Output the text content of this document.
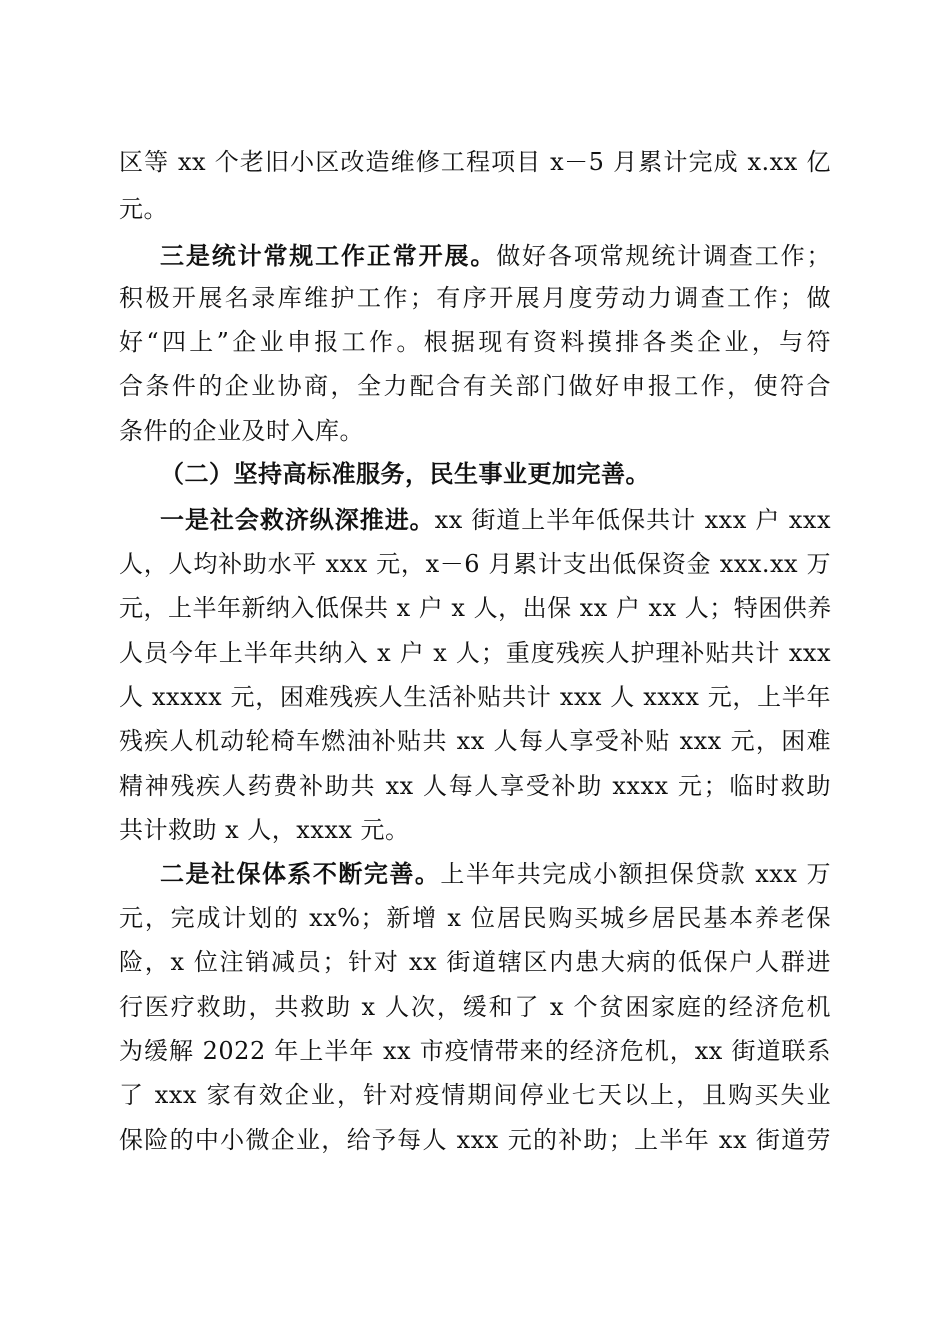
区等 xx 个老旧小区改造维修工程项目 x－5 月累计完成 x.xx 亿
元。
三是统计常规工作正常开展。做好各项常规统计调查工作；
积极开展名录库维护工作；有序开展月度劳动力调查工作；做
好“四上”企业申报工作。根据现有资料摸排各类企业，与符
合条件的企业协商，全力配合有关部门做好申报工作，使符合
条件的企业及时入库。
（二）坚持高标准服务，民生事业更加完善。
一是社会救济纵深推进。xx 街道上半年低保共计 xxx 户 xxx
人，人均补助水平 xxx 元，x－6 月累计支出低保资金 xxx.xx 万
元，上半年新纳入低保共 x 户 x 人，出保 xx 户 xx 人；特困供养
人员今年上半年共纳入 x 户 x 人；重度残疾人护理补贴共计 xxx
人 xxxxx 元，困难残疾人生活补贴共计 xxx 人 xxxx 元，上半年
残疾人机动轮椅车燃油补贴共 xx 人每人享受补贴 xxx 元，困难
精神残疾人药费补助共 xx 人每人享受补助 xxxx 元；临时救助
共计救助 x 人，xxxx 元。
二是社保体系不断完善。上半年共完成小额担保贷款 xxx 万
元，完成计划的 xx%；新增 x 位居民购买城乡居民基本养老保
险，x 位注销减员；针对 xx 街道辖区内患大病的低保户人群进
行医疗救助，共救助 x 人次，缓和了 x 个贫困家庭的经济危机
为缓解 2022 年上半年 xx 市疫情带来的经济危机，xx 街道联系
了 xxx 家有效企业，针对疫情期间停业七天以上，且购买失业
保险的中小微企业，给予每人 xxx 元的补助；上半年 xx 街道劳
